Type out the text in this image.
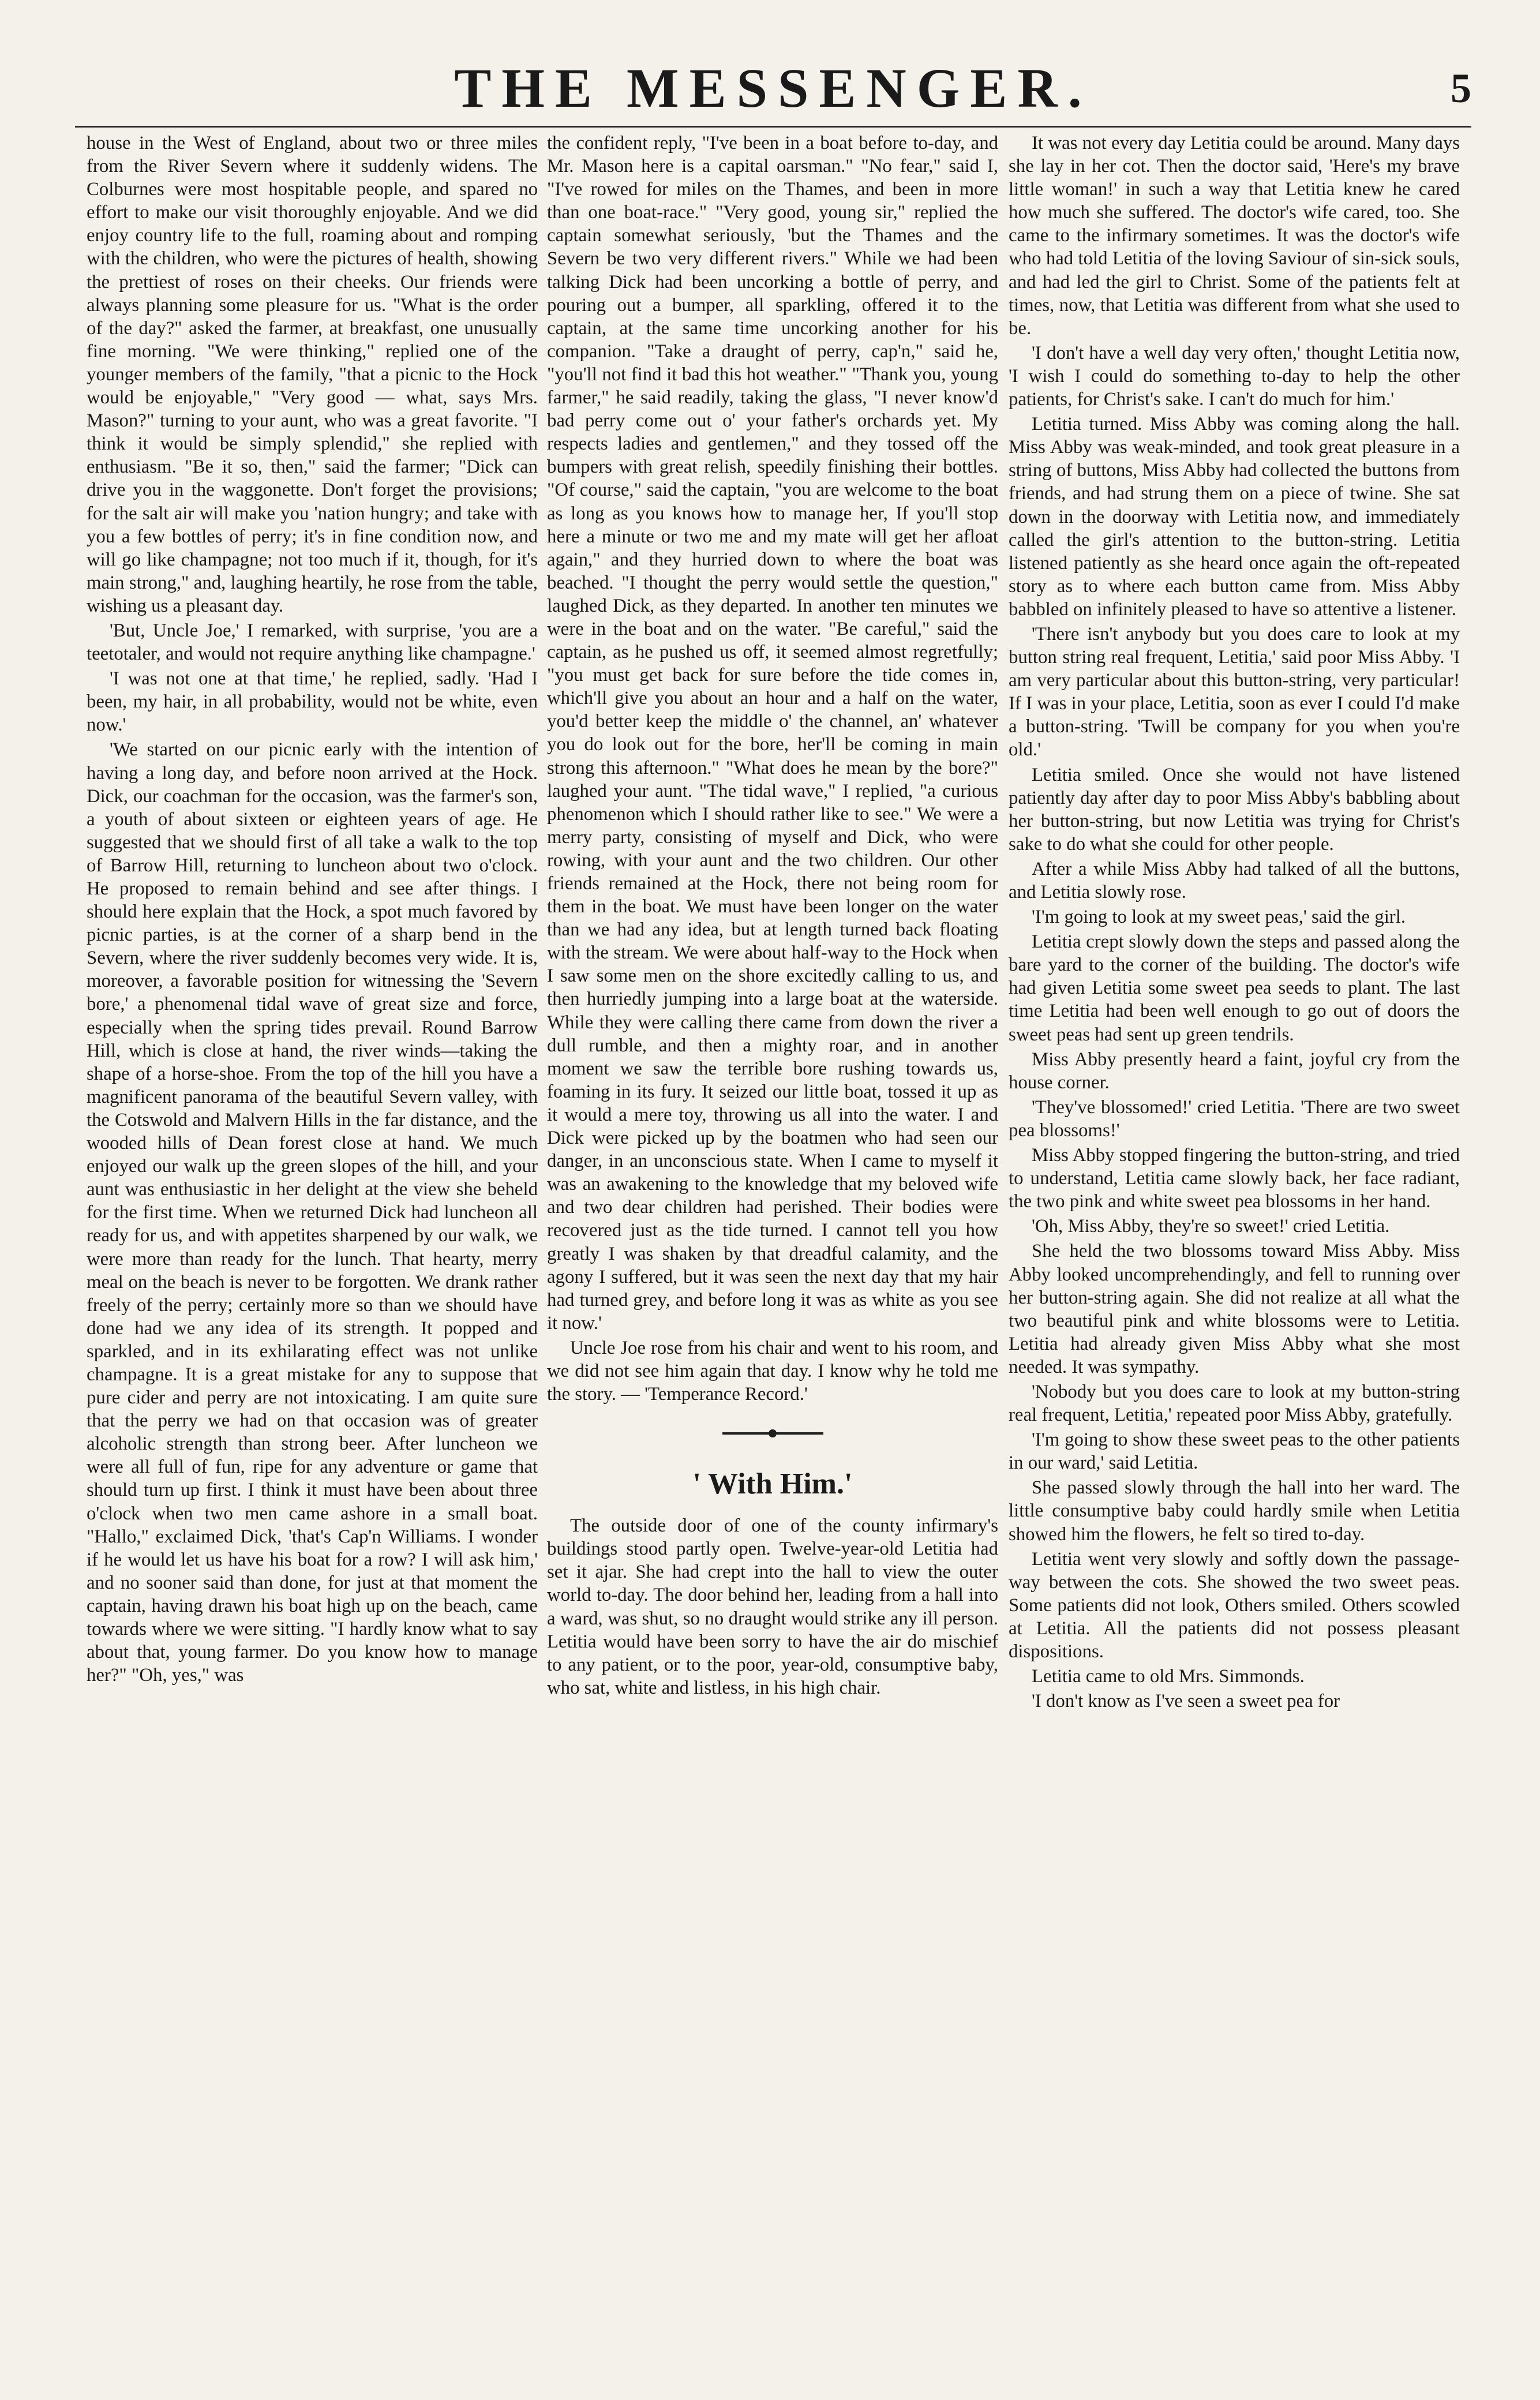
THE MESSENGER.	5

house in the West of England, about two or three miles from the River Severn where it suddenly widens. The Colburnes were most hospitable people, and spared no effort to make our visit thoroughly enjoyable. And we did enjoy country life to the full, roaming about and romping with the children, who were the pictures of health, showing the prettiest of roses on their cheeks. Our friends were always planning some pleasure for us. "What is the order of the day?" asked the farmer, at breakfast, one unusually fine morning. "We were thinking," replied one of the younger members of the family, "that a picnic to the Hock would be enjoyable," "Very good — what, says Mrs. Mason?" turning to your aunt, who was a great favorite. "I think it would be simply splendid," she replied with enthusiasm. "Be it so, then," said the farmer; "Dick can drive you in the waggonette. Don't forget the provisions; for the salt air will make you 'nation hungry; and take with you a few bottles of perry; it's in fine condition now, and will go like champagne; not too much if it, though, for it's main strong," and, laughing heartily, he rose from the table, wishing us a pleasant day.

'But, Uncle Joe,' I remarked, with surprise, 'you are a teetotaler, and would not require anything like champagne.'

'I was not one at that time,' he replied, sadly. 'Had I been, my hair, in all probability, would not be white, even now.'

'We started on our picnic early with the intention of having a long day, and before noon arrived at the Hock. Dick, our coachman for the occasion, was the farmer's son, a youth of about sixteen or eighteen years of age. He suggested that we should first of all take a walk to the top of Barrow Hill, returning to luncheon about two o'clock. He proposed to remain behind and see after things. I should here explain that the Hock, a spot much favored by picnic parties, is at the corner of a sharp bend in the Severn, where the river suddenly becomes very wide. It is, moreover, a favorable position for witnessing the 'Severn bore,' a phenomenal tidal wave of great size and force, especially when the spring tides prevail. Round Barrow Hill, which is close at hand, the river winds—taking the shape of a horse-shoe. From the top of the hill you have a magnificent panorama of the beautiful Severn valley, with the Cotswold and Malvern Hills in the far distance, and the wooded hills of Dean forest close at hand. We much enjoyed our walk up the green slopes of the hill, and your aunt was enthusiastic in her delight at the view she beheld for the first time. When we returned Dick had luncheon all ready for us, and with appetites sharpened by our walk, we were more than ready for the lunch. That hearty, merry meal on the beach is never to be forgotten. We drank rather freely of the perry; certainly more so than we should have done had we any idea of its strength. It popped and sparkled, and in its exhilarating effect was not unlike champagne. It is a great mistake for any to suppose that pure cider and perry are not intoxicating. I am quite sure that the perry we had on that occasion was of greater alcoholic strength than strong beer. After luncheon we were all full of fun, ripe for any adventure or game that should turn up first. I think it must have been about three o'clock when two men came ashore in a small boat. "Hallo," exclaimed Dick, 'that's Cap'n Williams. I wonder if he would let us have his boat for a row? I will ask him,' and no sooner said than done, for just at that moment the captain, having drawn his boat high up on the beach, came towards where we were sitting. "I hardly know what to say about that, young farmer. Do you know how to manage her?" "Oh, yes," was

the confident reply, "I've been in a boat before to-day, and Mr. Mason here is a capital oarsman." "No fear," said I, "I've rowed for miles on the Thames, and been in more than one boat-race." "Very good, young sir," replied the captain somewhat seriously, 'but the Thames and the Severn be two very different rivers." While we had been talking Dick had been uncorking a bottle of perry, and pouring out a bumper, all sparkling, offered it to the captain, at the same time uncorking another for his companion. "Take a draught of perry, cap'n," said he, "you'll not find it bad this hot weather." "Thank you, young farmer," he said readily, taking the glass, "I never know'd bad perry come out o' your father's orchards yet. My respects ladies and gentlemen," and they tossed off the bumpers with great relish, speedily finishing their bottles. "Of course," said the captain, "you are welcome to the boat as long as you knows how to manage her, If you'll stop here a minute or two me and my mate will get her afloat again," and they hurried down to where the boat was beached. "I thought the perry would settle the question," laughed Dick, as they departed. In another ten minutes we were in the boat and on the water. "Be careful," said the captain, as he pushed us off, it seemed almost regretfully; "you must get back for sure before the tide comes in, which'll give you about an hour and a half on the water, you'd better keep the middle o' the channel, an' whatever you do look out for the bore, her'll be coming in main strong this afternoon." "What does he mean by the bore?" laughed your aunt. "The tidal wave," I replied, "a curious phenomenon which I should rather like to see." We were a merry party, consisting of myself and Dick, who were rowing, with your aunt and the two children. Our other friends remained at the Hock, there not being room for them in the boat. We must have been longer on the water than we had any idea, but at length turned back floating with the stream. We were about half-way to the Hock when I saw some men on the shore excitedly calling to us, and then hurriedly jumping into a large boat at the waterside. While they were calling there came from down the river a dull rumble, and then a mighty roar, and in another moment we saw the terrible bore rushing towards us, foaming in its fury. It seized our little boat, tossed it up as it would a mere toy, throwing us all into the water. I and Dick were picked up by the boatmen who had seen our danger, in an unconscious state. When I came to myself it was an awakening to the knowledge that my beloved wife and two dear children had perished. Their bodies were recovered just as the tide turned. I cannot tell you how greatly I was shaken by that dreadful calamity, and the agony I suffered, but it was seen the next day that my hair had turned grey, and before long it was as white as you see it now.'

Uncle Joe rose from his chair and went to his room, and we did not see him again that day. I know why he told me the story. — 'Temperance Record.'

' With Him.'

The outside door of one of the county infirmary's buildings stood partly open. Twelve-year-old Letitia had set it ajar. She had crept into the hall to view the outer world to-day. The door behind her, leading from a hall into a ward, was shut, so no draught would strike any ill person. Letitia would have been sorry to have the air do mischief to any patient, or to the poor, year-old, consumptive baby, who sat, white and listless, in his high chair.

It was not every day Letitia could be around. Many days she lay in her cot. Then the doctor said, 'Here's my brave little woman!' in such a way that Letitia knew he cared how much she suffered. The doctor's wife cared, too. She came to the infirmary sometimes. It was the doctor's wife who had told Letitia of the loving Saviour of sin-sick souls, and had led the girl to Christ. Some of the patients felt at times, now, that Letitia was different from what she used to be.

'I don't have a well day very often,' thought Letitia now, 'I wish I could do something to-day to help the other patients, for Christ's sake. I can't do much for him.'

Letitia turned. Miss Abby was coming along the hall. Miss Abby was weak-minded, and took great pleasure in a string of buttons, Miss Abby had collected the buttons from friends, and had strung them on a piece of twine. She sat down in the doorway with Letitia now, and immediately called the girl's attention to the button-string. Letitia listened patiently as she heard once again the oft-repeated story as to where each button came from. Miss Abby babbled on infinitely pleased to have so attentive a listener.

'There isn't anybody but you does care to look at my button string real frequent, Letitia,' said poor Miss Abby. 'I am very particular about this button-string, very particular! If I was in your place, Letitia, soon as ever I could I'd make a button-string. 'Twill be company for you when you're old.'

Letitia smiled. Once she would not have listened patiently day after day to poor Miss Abby's babbling about her button-string, but now Letitia was trying for Christ's sake to do what she could for other people.

After a while Miss Abby had talked of all the buttons, and Letitia slowly rose.

'I'm going to look at my sweet peas,' said the girl.

Letitia crept slowly down the steps and passed along the bare yard to the corner of the building. The doctor's wife had given Letitia some sweet pea seeds to plant. The last time Letitia had been well enough to go out of doors the sweet peas had sent up green tendrils.

Miss Abby presently heard a faint, joyful cry from the house corner.

'They've blossomed!' cried Letitia. 'There are two sweet pea blossoms!'

Miss Abby stopped fingering the button-string, and tried to understand, Letitia came slowly back, her face radiant, the two pink and white sweet pea blossoms in her hand.

'Oh, Miss Abby, they're so sweet!' cried Letitia.

She held the two blossoms toward Miss Abby. Miss Abby looked uncomprehendingly, and fell to running over her button-string again. She did not realize at all what the two beautiful pink and white blossoms were to Letitia. Letitia had already given Miss Abby what she most needed. It was sympathy.

'Nobody but you does care to look at my button-string real frequent, Letitia,' repeated poor Miss Abby, gratefully.

'I'm going to show these sweet peas to the other patients in our ward,' said Letitia.

She passed slowly through the hall into her ward. The little consumptive baby could hardly smile when Letitia showed him the flowers, he felt so tired to-day.

Letitia went very slowly and softly down the passage-way between the cots. She showed the two sweet peas. Some patients did not look, Others smiled. Others scowled at Letitia. All the patients did not possess pleasant dispositions.

Letitia came to old Mrs. Simmonds.

'I don't know as I've seen a sweet pea for
